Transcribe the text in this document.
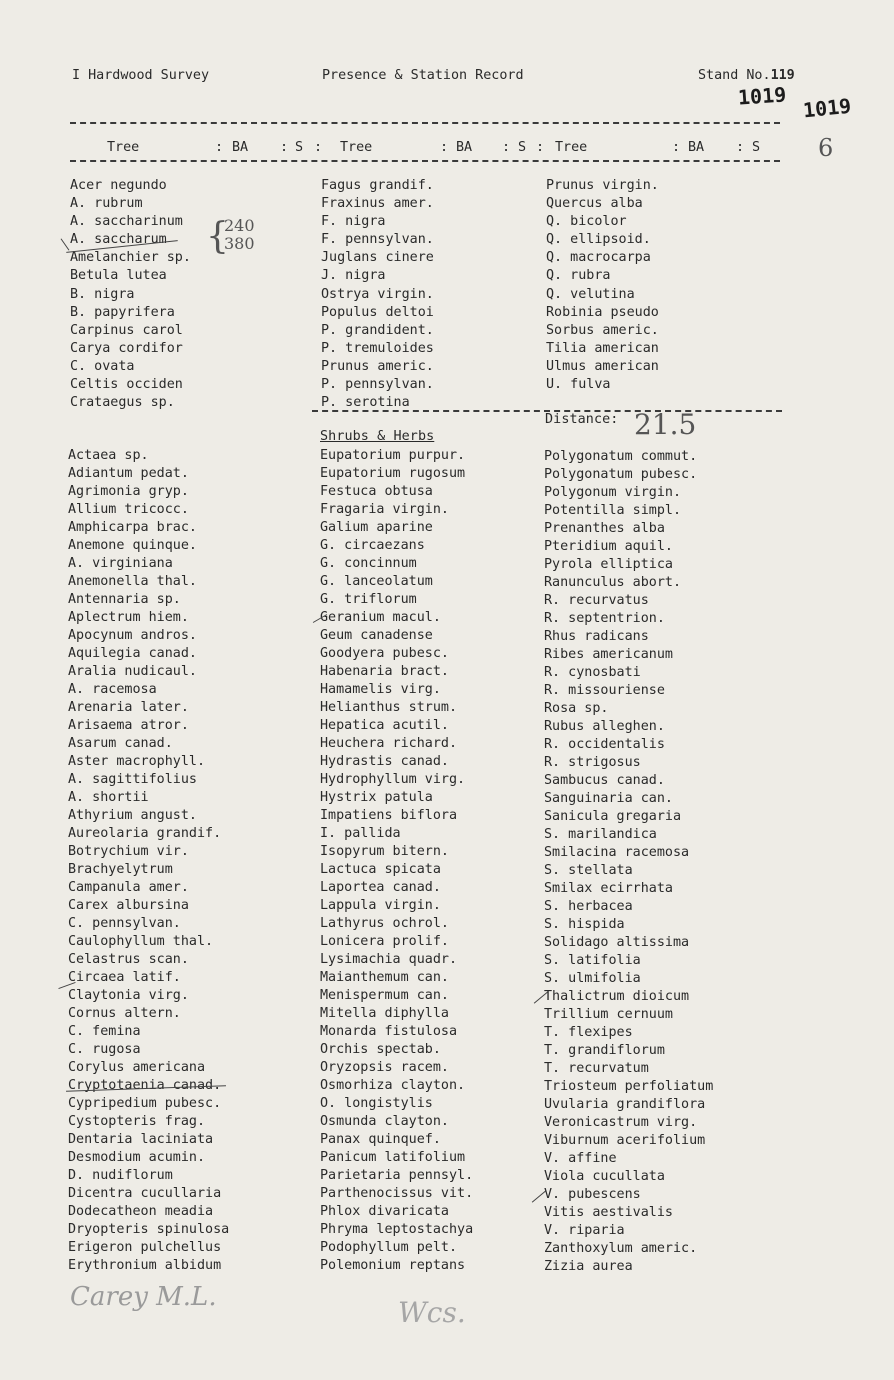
I Hardwood Survey	Presence & Station Record	Stand No.119
1019 1019
6
Tree	: BA : S : Tree	: BA : S : Tree	: BA : S
Acer negundo
A. rubrum
A. saccharinum
A. saccharum
Amelanchier sp.
Betula lutea
B. nigra
B. papyrifera
Carpinus carol
Carya cordifor
C. ovata
Celtis occiden
Crataegus sp.
Fagus grandif.
Fraxinus amer.
F. nigra
F. pennsylvan.
Juglans cinere
J. nigra
Ostrya virgin.
Populus deltoi
P. grandident.
P. tremuloides
Prunus americ.
P. pennsylvan.
P. serotina
Prunus virgin.
Quercus alba
Q. bicolor
Q. ellipsoid.
Q. macrocarpa
Q. rubra
Q. velutina
Robinia pseudo
Sorbus americ.
Tilia american
Ulmus american
U. fulva
{
240
380
Distance: 21.5
Shrubs & Herbs
Actaea sp.
Adiantum pedat.
Agrimonia gryp.
Allium tricocc.
Amphicarpa brac.
Anemone quinque.
A. virginiana
Anemonella thal.
Antennaria sp.
Aplectrum hiem.
Apocynum andros.
Aquilegia canad.
Aralia nudicaul.
A. racemosa
Arenaria later.
Arisaema atror.
Asarum canad.
Aster macrophyll.
A. sagittifolius
A. shortii
Athyrium angust.
Aureolaria grandif.
Botrychium vir.
Brachyelytrum
Campanula amer.
Carex albursina
C. pennsylvan.
Caulophyllum thal.
Celastrus scan.
Circaea latif.
Claytonia virg.
Cornus altern.
C. femina
C. rugosa
Corylus americana
Cryptotaenia canad.
Cypripedium pubesc.
Cystopteris frag.
Dentaria laciniata
Desmodium acumin.
D. nudiflorum
Dicentra cucullaria
Dodecatheon meadia
Dryopteris spinulosa
Erigeron pulchellus
Erythronium albidum
Eupatorium purpur.
Eupatorium rugosum
Festuca obtusa
Fragaria virgin.
Galium aparine
G. circaezans
G. concinnum
G. lanceolatum
G. triflorum
Geranium macul.
Geum canadense
Goodyera pubesc.
Habenaria bract.
Hamamelis virg.
Helianthus strum.
Hepatica acutil.
Heuchera richard.
Hydrastis canad.
Hydrophyllum virg.
Hystrix patula
Impatiens biflora
I. pallida
Isopyrum bitern.
Lactuca spicata
Laportea canad.
Lappula virgin.
Lathyrus ochrol.
Lonicera prolif.
Lysimachia quadr.
Maianthemum can.
Menispermum can.
Mitella diphylla
Monarda fistulosa
Orchis spectab.
Oryzopsis racem.
Osmorhiza clayton.
O. longistylis
Osmunda clayton.
Panax quinquef.
Panicum latifolium
Parietaria pennsyl.
Parthenocissus vit.
Phlox divaricata
Phryma leptostachya
Podophyllum pelt.
Polemonium reptans
Polygonatum commut.
Polygonatum pubesc.
Polygonum virgin.
Potentilla simpl.
Prenanthes alba
Pteridium aquil.
Pyrola elliptica
Ranunculus abort.
R. recurvatus
R. septentrion.
Rhus radicans
Ribes americanum
R. cynosbati
R. missouriense
Rosa sp.
Rubus alleghen.
R. occidentalis
R. strigosus
Sambucus canad.
Sanguinaria can.
Sanicula gregaria
S. marilandica
Smilacina racemosa
S. stellata
Smilax ecirrhata
S. herbacea
S. hispida
Solidago altissima
S. latifolia
S. ulmifolia
Thalictrum dioicum
Trillium cernuum
T. flexipes
T. grandiflorum
T. recurvatum
Triosteum perfoliatum
Uvularia grandiflora
Veronicastrum virg.
Viburnum acerifolium
V. affine
Viola cucullata
V. pubescens
Vitis aestivalis
V. riparia
Zanthoxylum americ.
Zizia aurea
Carey M.L.	Wcs.
